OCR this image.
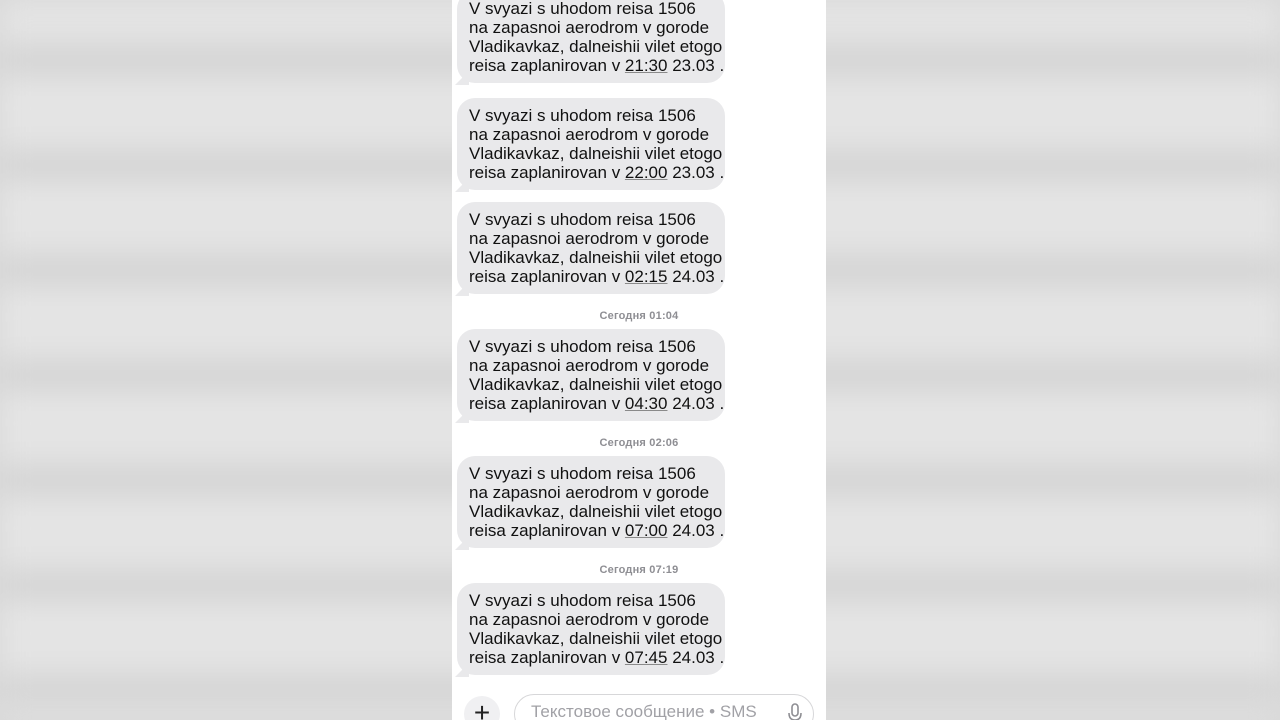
V svyazi s uhodom reisa 1506
na zapasnoi aerodrom v gorode
Vladikavkaz, dalneishii vilet etogo
reisa zaplanirovan v 21:30 23.03 .
V svyazi s uhodom reisa 1506
na zapasnoi aerodrom v gorode
Vladikavkaz, dalneishii vilet etogo
reisa zaplanirovan v 22:00 23.03 .
V svyazi s uhodom reisa 1506
na zapasnoi aerodrom v gorode
Vladikavkaz, dalneishii vilet etogo
reisa zaplanirovan v 02:15 24.03 .
Сегодня 01:04
V svyazi s uhodom reisa 1506
na zapasnoi aerodrom v gorode
Vladikavkaz, dalneishii vilet etogo
reisa zaplanirovan v 04:30 24.03 .
Сегодня 02:06
V svyazi s uhodom reisa 1506
na zapasnoi aerodrom v gorode
Vladikavkaz, dalneishii vilet etogo
reisa zaplanirovan v 07:00 24.03 .
Сегодня 07:19
V svyazi s uhodom reisa 1506
na zapasnoi aerodrom v gorode
Vladikavkaz, dalneishii vilet etogo
reisa zaplanirovan v 07:45 24.03 .
+
Текстовое сообщение • SMS
